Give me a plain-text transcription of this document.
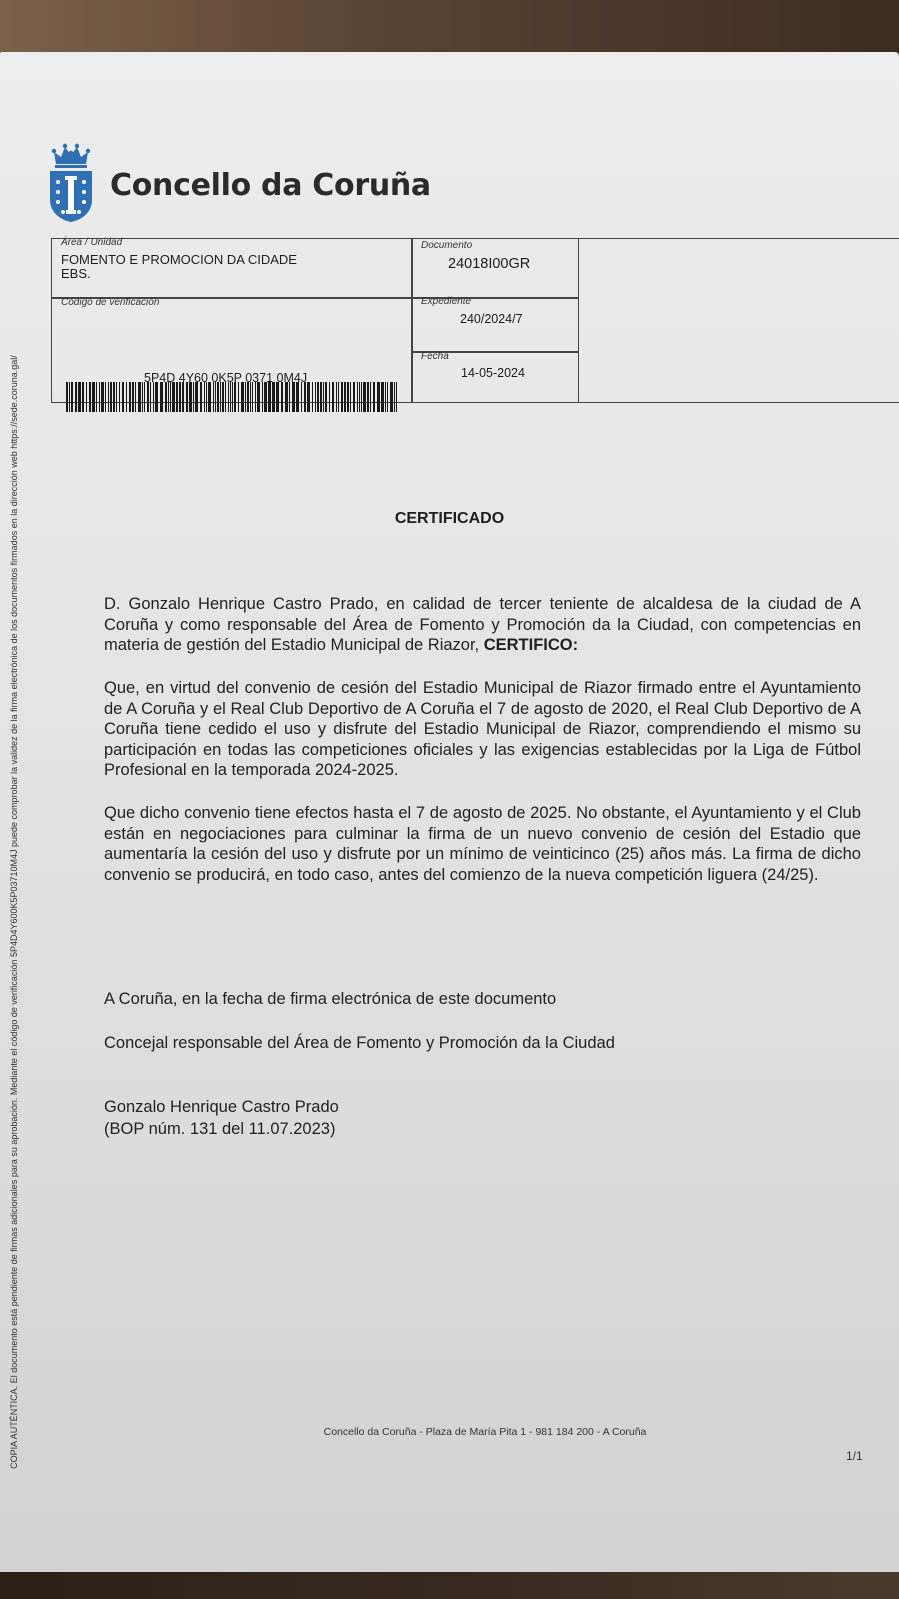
COPIA AUTÉNTICA. El documento está pendiente de firmas adicionales para su aprobación. Mediante el código de verificación 5P4D4Y600K5P03710M4J puede comprobar la validez de la firma electrónica de los documentos firmados en la dirección web https://sede.coruna.gal/
Concello da Coruña
Área / Unidad
FOMENTO E PROMOCION DA CIDADE
EBS.
Documento
24018I00GR
Código de verificación
5P4D 4Y60 0K5P 0371 0M4J
Expediente
240/2024/7
Fecha
14-05-2024
CERTIFICADO

D. Gonzalo Henrique Castro Prado, en calidad de tercer teniente de alcaldesa de la ciudad de A Coruña y como responsable del Área de Fomento y Promoción da la Ciudad, con competencias en materia de gestión del Estadio Municipal de Riazor, CERTIFICO:

Que, en virtud del convenio de cesión del Estadio Municipal de Riazor firmado entre el Ayuntamiento de A Coruña y el Real Club Deportivo de A Coruña el 7 de agosto de 2020, el Real Club Deportivo de A Coruña tiene cedido el uso y disfrute del Estadio Municipal de Riazor, comprendiendo el mismo su participación en todas las competiciones oficiales y las exigencias establecidas por la Liga de Fútbol Profesional en la temporada 2024-2025.

Que dicho convenio tiene efectos hasta el 7 de agosto de 2025. No obstante, el Ayuntamiento y el Club están en negociaciones para culminar la firma de un nuevo convenio de cesión del Estadio que aumentaría la cesión del uso y disfrute por un mínimo de veinticinco (25) años más. La firma de dicho convenio se producirá, en todo caso, antes del comienzo de la nueva competición liguera (24/25).

A Coruña, en la fecha de firma electrónica de este documento
Concejal responsable del Área de Fomento y Promoción da la Ciudad
Gonzalo Henrique Castro Prado
(BOP núm. 131 del 11.07.2023)
Concello da Coruña - Plaza de María Pita 1 - 981 184 200 - A Coruña
1/1
